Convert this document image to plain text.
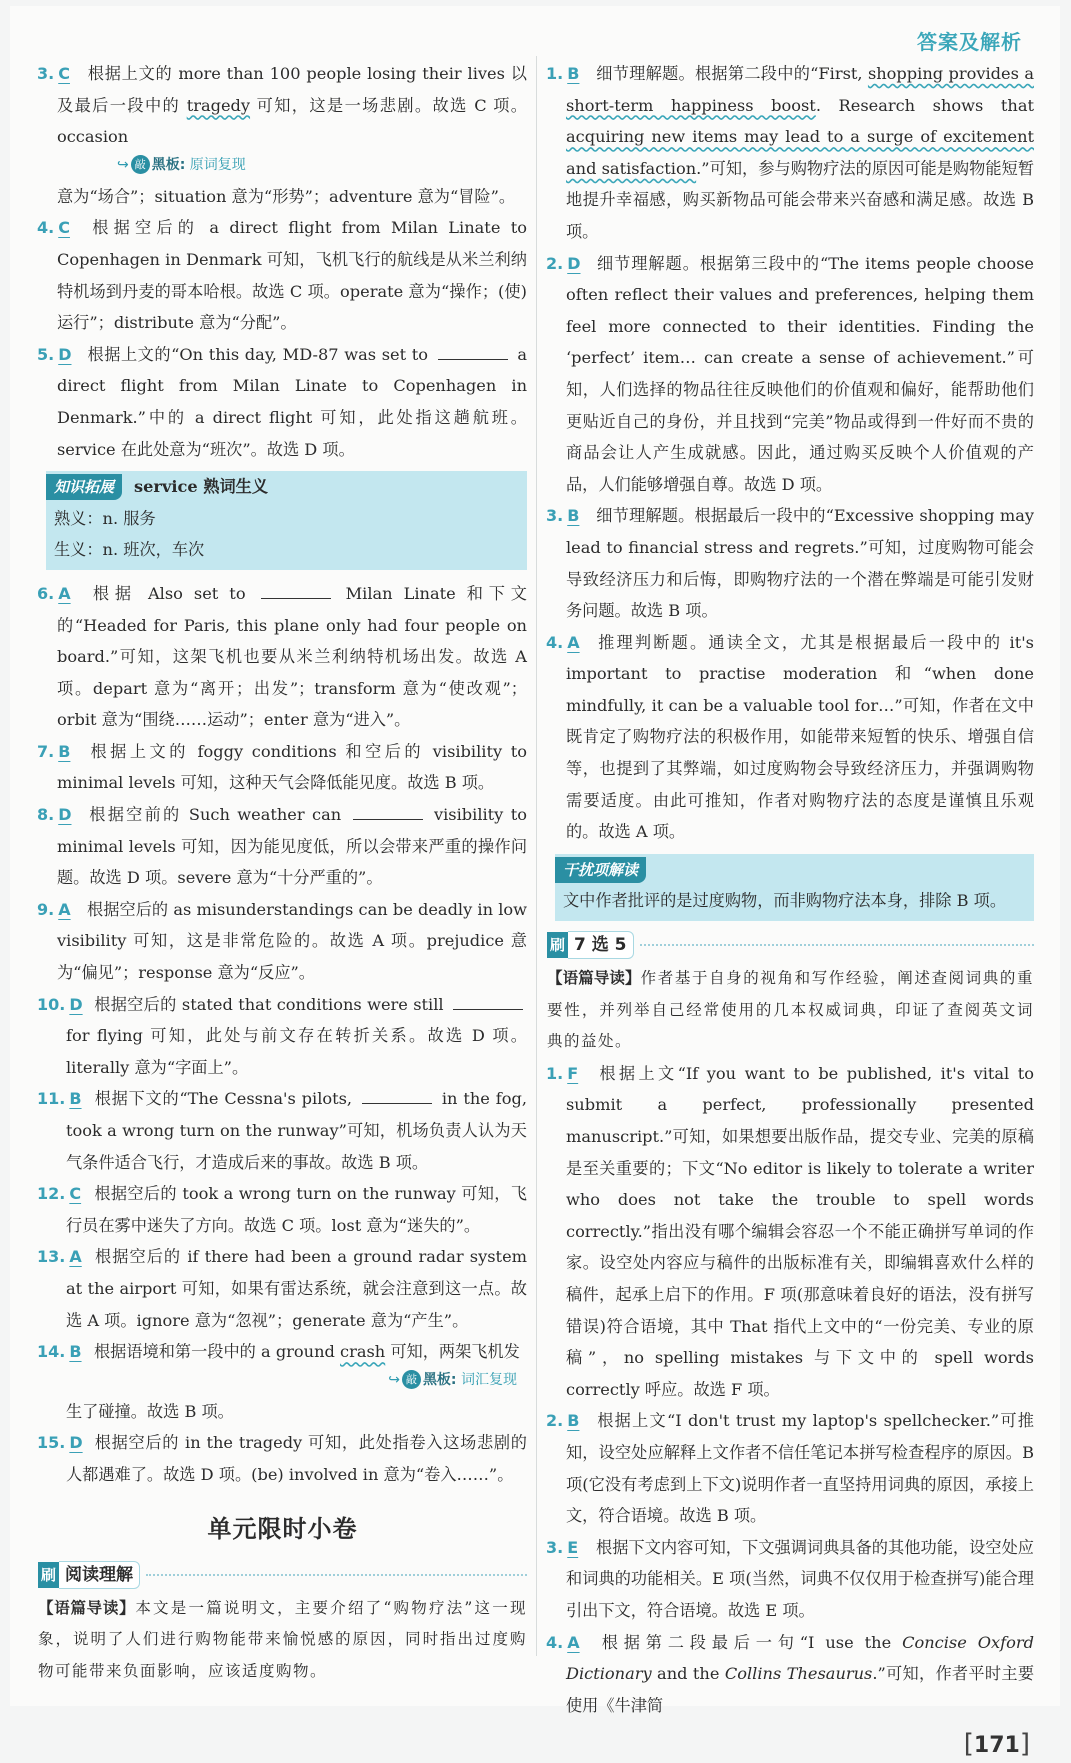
答案及解析
3. C 根据上文的 more than 100 people losing their lives 以及最后一段中的 tragedy 可知，这是一场悲剧。故选 C 项。occasion
↪ 敲 黑板: 原词复现
意为“场合”；situation 意为“形势”；adventure 意为“冒险”。
4. C 根据空后的 a direct flight from Milan Linate to Copenhagen in Denmark 可知，飞机飞行的航线是从米兰利纳特机场到丹麦的哥本哈根。故选 C 项。operate 意为“操作；(使)运行”；distribute 意为“分配”。
5. D 根据上文的“On this day, MD-87 was set to	a direct flight from Milan Linate to Copenhagen in Denmark.”中的 a direct flight 可知，此处指这趟航班。service 在此处意为“班次”。故选 D 项。
知识拓展 service 熟词生义
熟义：n. 服务
生义：n. 班次，车次
6. A 根据 Also set to	Milan Linate 和下文的“Headed for Paris, this plane only had four people on board.”可知，这架飞机也要从米兰利纳特机场出发。故选 A 项。depart 意为“离开；出发”；transform 意为“使改观”；orbit 意为“围绕……运动”；enter 意为“进入”。
7. B 根据上文的 foggy conditions 和空后的 visibility to minimal levels 可知，这种天气会降低能见度。故选 B 项。
8. D 根据空前的 Such weather can	visibility to minimal levels 可知，因为能见度低，所以会带来严重的操作问题。故选 D 项。severe 意为“十分严重的”。
9. A 根据空后的 as misunderstandings can be deadly in low visibility 可知，这是非常危险的。故选 A 项。prejudice 意为“偏见”；response 意为“反应”。
10. D 根据空后的 stated that conditions were still  for flying 可知，此处与前文存在转折关系。故选 D 项。literally 意为“字面上”。
11. B 根据下文的“The Cessna's pilots,	in the fog, took a wrong turn on the runway”可知，机场负责人认为天气条件适合飞行，才造成后来的事故。故选 B 项。
12. C 根据空后的 took a wrong turn on the runway 可知，飞行员在雾中迷失了方向。故选 C 项。lost 意为“迷失的”。
13. A 根据空后的 if there had been a ground radar system at the airport 可知，如果有雷达系统，就会注意到这一点。故选 A 项。ignore 意为“忽视”；generate 意为“产生”。
14. B 根据语境和第一段中的 a ground crash 可知，两架飞机发
↪ 敲 黑板: 词汇复现
生了碰撞。故选 B 项。
15. D 根据空后的 in the tragedy 可知，此处指卷入这场悲剧的人都遇难了。故选 D 项。(be) involved in 意为“卷入……”。
单元限时小卷
刷 阅读理解
【语篇导读】本文是一篇说明文，主要介绍了“购物疗法”这一现象，说明了人们进行购物能带来愉悦感的原因，同时指出过度购物可能带来负面影响，应该适度购物。
1. B 细节理解题。根据第二段中的“First, shopping provides a short-term happiness boost. Research shows that acquiring new items may lead to a surge of excitement and satisfaction.”可知，参与购物疗法的原因可能是购物能短暂地提升幸福感，购买新物品可能会带来兴奋感和满足感。故选 B 项。
2. D 细节理解题。根据第三段中的“The items people choose often reflect their values and preferences, helping them feel more connected to their identities. Finding the ‘perfect’ item… can create a sense of achievement.”可知，人们选择的物品往往反映他们的价值观和偏好，能帮助他们更贴近自己的身份，并且找到“完美”物品或得到一件好而不贵的商品会让人产生成就感。因此，通过购买反映个人价值观的产品，人们能够增强自尊。故选 D 项。
3. B 细节理解题。根据最后一段中的“Excessive shopping may lead to financial stress and regrets.”可知，过度购物可能会导致经济压力和后悔，即购物疗法的一个潜在弊端是可能引发财务问题。故选 B 项。
4. A 推理判断题。通读全文，尤其是根据最后一段中的 it's important to practise moderation 和“when done mindfully, it can be a valuable tool for…”可知，作者在文中既肯定了购物疗法的积极作用，如能带来短暂的快乐、增强自信等，也提到了其弊端，如过度购物会导致经济压力，并强调购物需要适度。由此可推知，作者对购物疗法的态度是谨慎且乐观的。故选 A 项。
干扰项解读
文中作者批评的是过度购物，而非购物疗法本身，排除 B 项。
刷 7 选 5
【语篇导读】作者基于自身的视角和写作经验，阐述查阅词典的重要性，并列举自己经常使用的几本权威词典，印证了查阅英文词典的益处。
1. F 根据上文“If you want to be published, it's vital to submit a perfect, professionally presented manuscript.”可知，如果想要出版作品，提交专业、完美的原稿是至关重要的；下文“No editor is likely to tolerate a writer who does not take the trouble to spell words correctly.”指出没有哪个编辑会容忍一个不能正确拼写单词的作家。设空处内容应与稿件的出版标准有关，即编辑喜欢什么样的稿件，起承上启下的作用。F 项(那意味着良好的语法，没有拼写错误)符合语境，其中 That 指代上文中的“一份完美、专业的原稿”，no spelling mistakes 与下文中的 spell words correctly 呼应。故选 F 项。
2. B 根据上文“I don't trust my laptop's spellchecker.”可推知，设空处应解释上文作者不信任笔记本拼写检查程序的原因。B 项(它没有考虑到上下文)说明作者一直坚持用词典的原因，承接上文，符合语境。故选 B 项。
3. E 根据下文内容可知，下文强调词典具备的其他功能，设空处应和词典的功能相关。E 项(当然，词典不仅仅用于检查拼写)能合理引出下文，符合语境。故选 E 项。
4. A 根据第二段最后一句“I use the Concise Oxford Dictionary and the Collins Thesaurus.”可知，作者平时主要使用《牛津简
[171]
